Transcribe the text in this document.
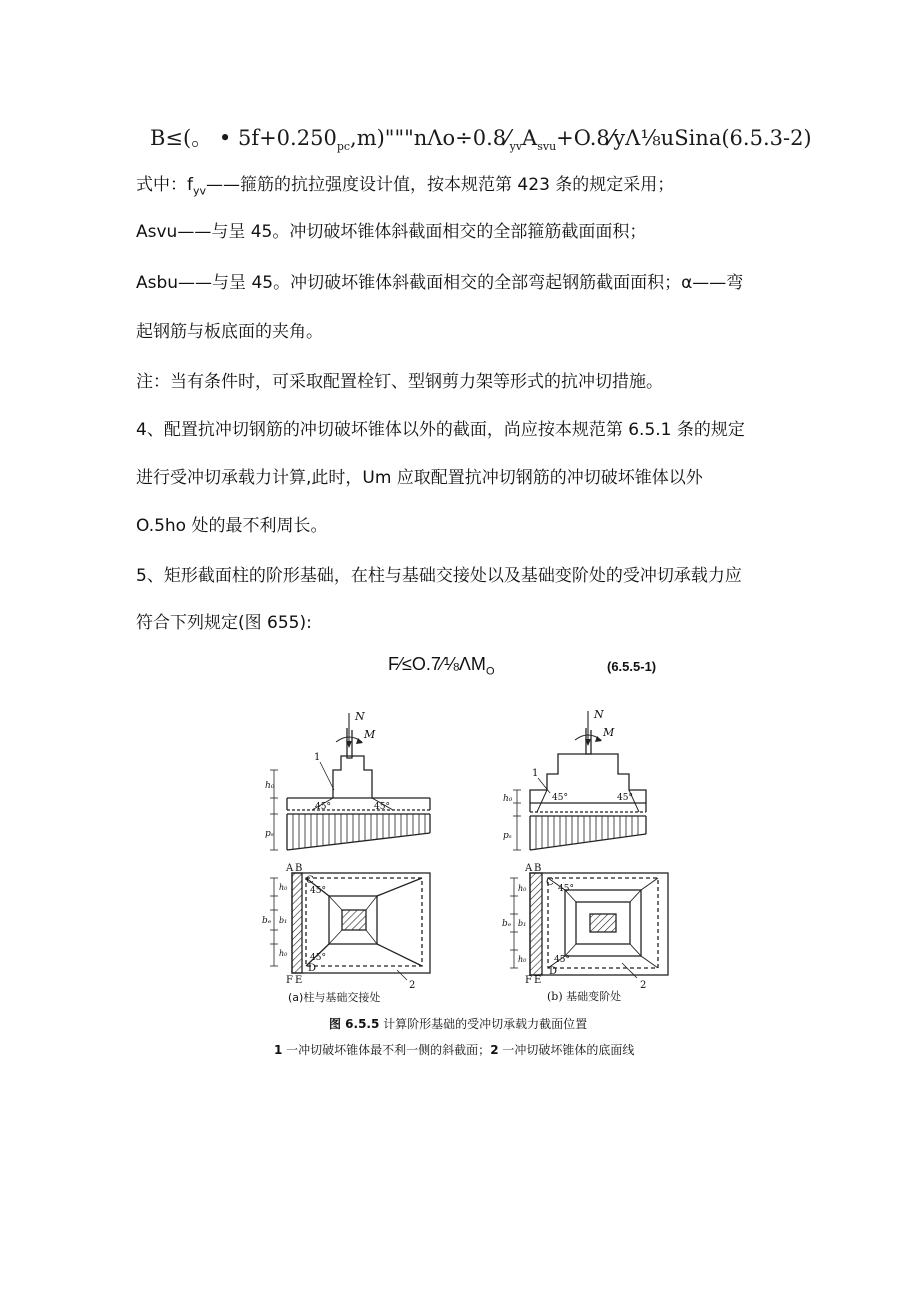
B≤(。 • $5f+0.250_{pc},m)"""n\Lambda o\div 0.8⁄_{yv}A_{svu}+O.8⁄y\Lambda\frac{1}{8}uSina(6.5.3-2)$
式中：$f_{yv}——$箍筋的抗拉强度设计值，按本规范第 423 条的规定采用；
Asvu——与呈 45。冲切破坏锥体斜截面相交的全部箍筋截面面积；
Asbu——与呈 45。冲切破坏锥体斜截面相交的全部弯起钢筋截面面积；α——弯
起钢筋与板底面的夹角。
注：当有条件时，可采取配置栓钉、型钢剪力架等形式的抗冲切措施。
4、配置抗冲切钢筋的冲切破坏锥体以外的截面，尚应按本规范第 6.5.1 条的规定
进行受冲切承载力计算,此时，Um 应取配置抗冲切钢筋的冲切破坏锥体以外
O.5ho 处的最不利周长。
5、矩形截面柱的阶形基础，在柱与基础交接处以及基础变阶处的受冲切承载力应
符合下列规定(图 655):
$F⁄\le O.7⁄\frac{1}{8}\Lambda M_O$	(6.5.5-1)
N
M
1
45°	45°
h₀
pₛ
A B
C
45°
45°
D
F E	2
bₑ
h₀
h₀
b₁
N
M
1
45°	45°
h₀
pₛ
A B
C
45°
45°
D
F E	2
bₑ
h₀
b₁
h₀
(a)柱与基础交接处	(b) 基础变阶处
图 6.5.5 计算阶形基础的受冲切承载力截面位置
1 一冲切破坏锥体最不利一侧的斜截面；2 一冲切破坏锥体的底面线
